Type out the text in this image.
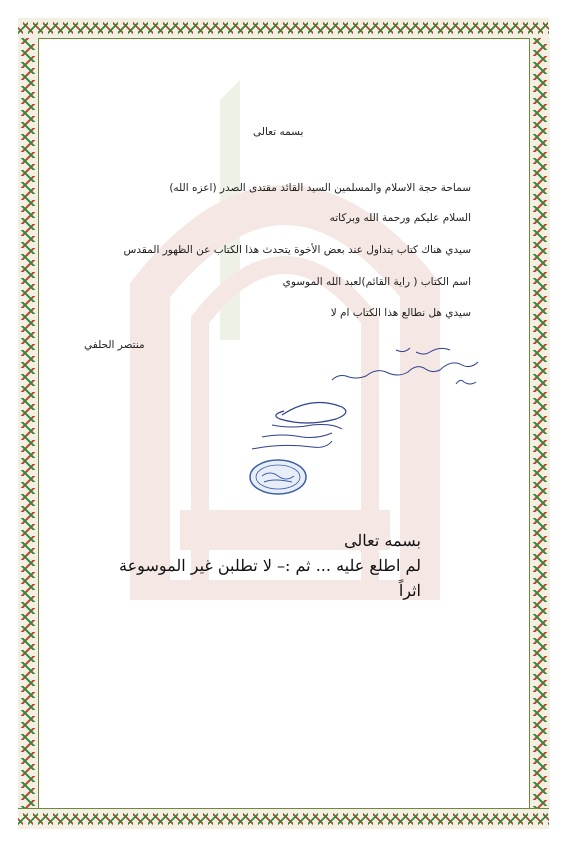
بسمه تعالى
سماحة حجة الاسلام والمسلمين السيد القائد مقتدى الصدر (اعزه الله)
السلام عليكم ورحمة الله وبركاته
سيدي هناك كتاب يتداول عند بعض الأخوة يتحدث هذا الكتاب عن الظهور المقدس
اسم الكتاب ( راية القائم)لعبد الله الموسوي
سيدي هل نطالع هذا الكتاب ام لا
منتصر الحلفي
بسمه تعالى
لم اطلع عليه ... ثم :– لا تطلبن غير الموسوعة
اثراً
